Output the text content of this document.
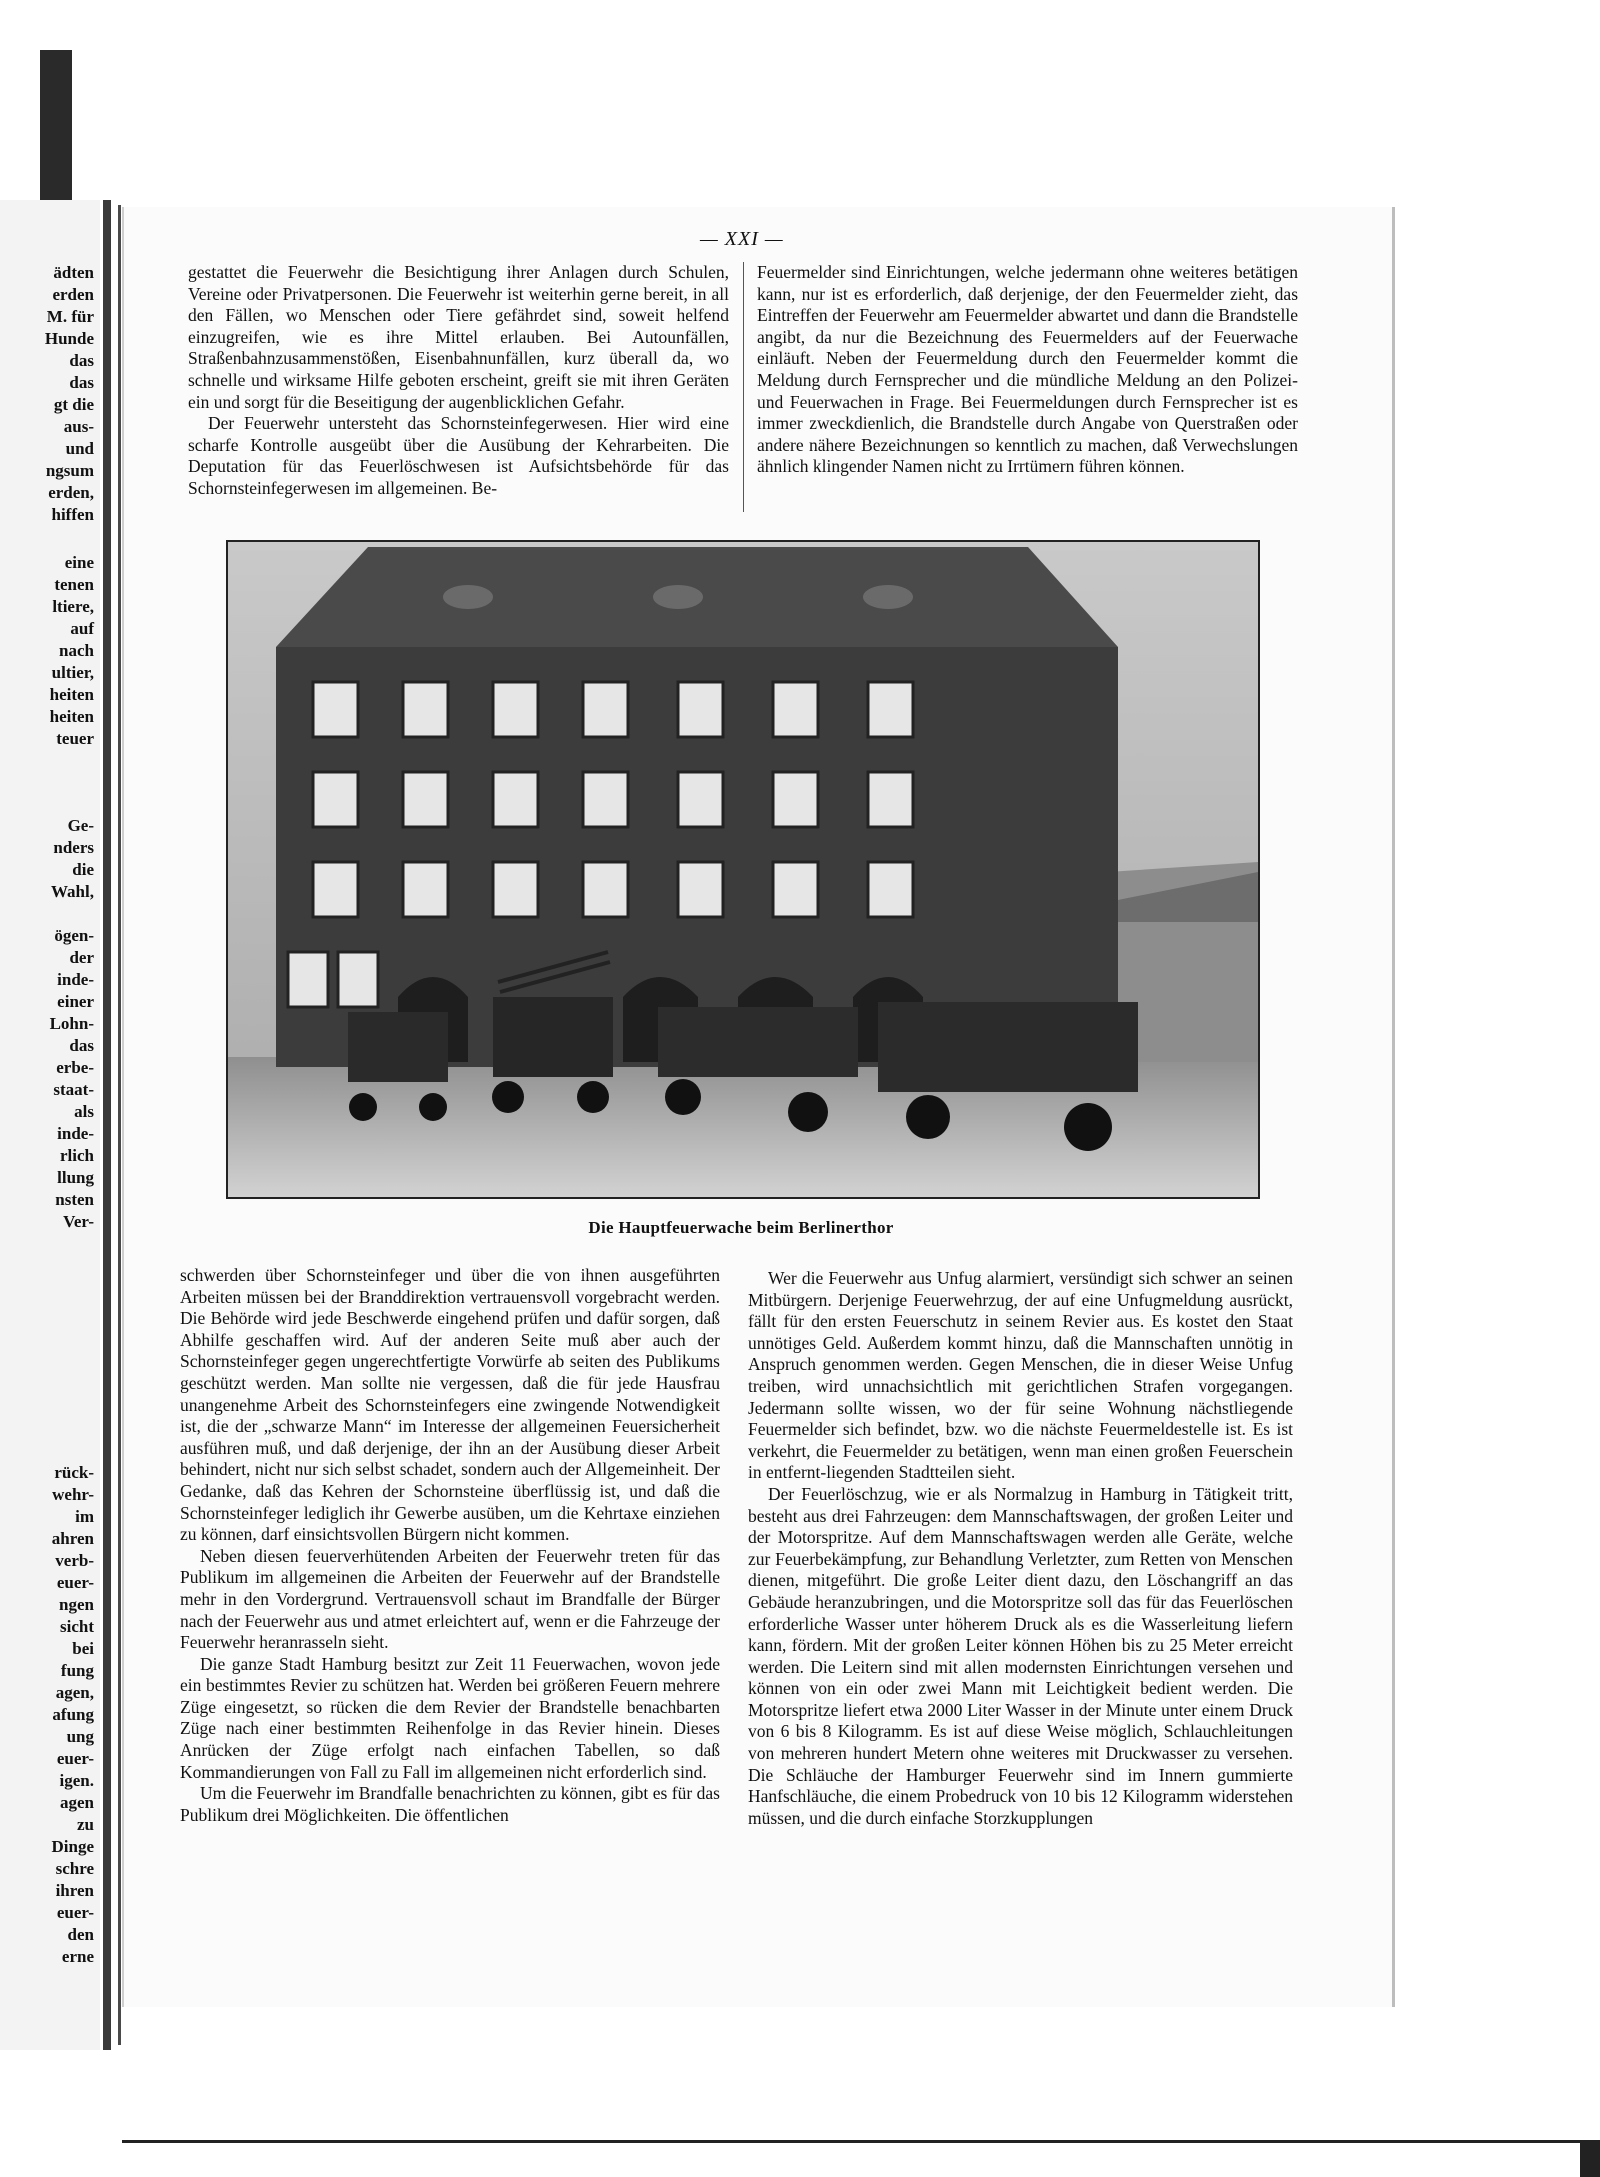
ädten
erden
M. für
Hunde
das
das
gt die
aus-
und
ngsum
erden,
hiffen
eine
tenen
ltiere,
auf
nach
ultier,
heiten
heiten
teuer
Ge-
nders
die
Wahl,
ögen-
der
inde-
einer
Lohn-
das
erbe-
staat-
als
inde-
rlich
llung
nsten
Ver-
rück-
wehr-
im
ahren
verb-
euer-
ngen
sicht
bei
fung
agen,
afung
ung
euer-
igen.
agen
zu
Dinge
schre
ihren
euer-
den
erne
— XXI —

gestattet die Feuerwehr die Besichtigung ihrer Anlagen durch Schulen, Vereine oder Privatpersonen. Die Feuerwehr ist weiterhin gerne bereit, in all den Fällen, wo Menschen oder Tiere gefährdet sind, soweit helfend einzugreifen, wie es ihre Mittel erlauben. Bei Autounfällen, Straßenbahnzusammenstößen, Eisenbahnunfällen, kurz überall da, wo schnelle und wirksame Hilfe geboten erscheint, greift sie mit ihren Geräten ein und sorgt für die Beseitigung der augenblicklichen Gefahr.

Der Feuerwehr untersteht das Schornsteinfegerwesen. Hier wird eine scharfe Kontrolle ausgeübt über die Ausübung der Kehrarbeiten. Die Deputation für das Feuerlöschwesen ist Aufsichtsbehörde für das Schornsteinfegerwesen im allgemeinen. Be-

Feuermelder sind Einrichtungen, welche jedermann ohne weiteres betätigen kann, nur ist es erforderlich, daß derjenige, der den Feuermelder zieht, das Eintreffen der Feuerwehr am Feuermelder abwartet und dann die Brandstelle angibt, da nur die Bezeichnung des Feuermelders auf der Feuerwache einläuft. Neben der Feuermeldung durch den Feuermelder kommt die Meldung durch Fernsprecher und die mündliche Meldung an den Polizei- und Feuerwachen in Frage. Bei Feuermeldungen durch Fernsprecher ist es immer zweckdienlich, die Brandstelle durch Angabe von Querstraßen oder andere nähere Bezeichnungen so kenntlich zu machen, daß Verwechslungen ähnlich klingender Namen nicht zu Irrtümern führen können.

Die Hauptfeuerwache beim Berlinerthor

schwerden über Schornsteinfeger und über die von ihnen ausgeführten Arbeiten müssen bei der Branddirektion vertrauensvoll vorgebracht werden. Die Behörde wird jede Beschwerde eingehend prüfen und dafür sorgen, daß Abhilfe geschaffen wird. Auf der anderen Seite muß aber auch der Schornsteinfeger gegen ungerechtfertigte Vorwürfe ab seiten des Publikums geschützt werden. Man sollte nie vergessen, daß die für jede Hausfrau unangenehme Arbeit des Schornsteinfegers eine zwingende Notwendigkeit ist, die der „schwarze Mann“ im Interesse der allgemeinen Feuersicherheit ausführen muß, und daß derjenige, der ihn an der Ausübung dieser Arbeit behindert, nicht nur sich selbst schadet, sondern auch der Allgemeinheit. Der Gedanke, daß das Kehren der Schornsteine überflüssig ist, und daß die Schornsteinfeger lediglich ihr Gewerbe ausüben, um die Kehrtaxe einziehen zu können, darf einsichtsvollen Bürgern nicht kommen.

Neben diesen feuerverhütenden Arbeiten der Feuerwehr treten für das Publikum im allgemeinen die Arbeiten der Feuerwehr auf der Brandstelle mehr in den Vordergrund. Vertrauensvoll schaut im Brandfalle der Bürger nach der Feuerwehr aus und atmet erleichtert auf, wenn er die Fahrzeuge der Feuerwehr heranrasseln sieht.

Die ganze Stadt Hamburg besitzt zur Zeit 11 Feuerwachen, wovon jede ein bestimmtes Revier zu schützen hat. Werden bei größeren Feuern mehrere Züge eingesetzt, so rücken die dem Revier der Brandstelle benachbarten Züge nach einer bestimmten Reihenfolge in das Revier hinein. Dieses Anrücken der Züge erfolgt nach einfachen Tabellen, so daß Kommandierungen von Fall zu Fall im allgemeinen nicht erforderlich sind.

Um die Feuerwehr im Brandfalle benachrichten zu können, gibt es für das Publikum drei Möglichkeiten. Die öffentlichen

Wer die Feuerwehr aus Unfug alarmiert, versündigt sich schwer an seinen Mitbürgern. Derjenige Feuerwehrzug, der auf eine Unfugmeldung ausrückt, fällt für den ersten Feuerschutz in seinem Revier aus. Es kostet den Staat unnötiges Geld. Außerdem kommt hinzu, daß die Mannschaften unnötig in Anspruch genommen werden. Gegen Menschen, die in dieser Weise Unfug treiben, wird unnachsichtlich mit gerichtlichen Strafen vorgegangen. Jedermann sollte wissen, wo der für seine Wohnung nächstliegende Feuermelder sich befindet, bzw. wo die nächste Feuermeldestelle ist. Es ist verkehrt, die Feuermelder zu betätigen, wenn man einen großen Feuerschein in entfernt-liegenden Stadtteilen sieht.

Der Feuerlöschzug, wie er als Normalzug in Hamburg in Tätigkeit tritt, besteht aus drei Fahrzeugen: dem Mannschaftswagen, der großen Leiter und der Motorspritze. Auf dem Mannschaftswagen werden alle Geräte, welche zur Feuerbekämpfung, zur Behandlung Verletzter, zum Retten von Menschen dienen, mitgeführt. Die große Leiter dient dazu, den Löschangriff an das Gebäude heranzubringen, und die Motorspritze soll das für das Feuerlöschen erforderliche Wasser unter höherem Druck als es die Wasserleitung liefern kann, fördern. Mit der großen Leiter können Höhen bis zu 25 Meter erreicht werden. Die Leitern sind mit allen modernsten Einrichtungen versehen und können von ein oder zwei Mann mit Leichtigkeit bedient werden. Die Motorspritze liefert etwa 2000 Liter Wasser in der Minute unter einem Druck von 6 bis 8 Kilogramm. Es ist auf diese Weise möglich, Schlauchleitungen von mehreren hundert Metern ohne weiteres mit Druckwasser zu versehen. Die Schläuche der Hamburger Feuerwehr sind im Innern gummierte Hanfschläuche, die einem Probedruck von 10 bis 12 Kilogramm widerstehen müssen, und die durch einfache Storzkupplungen
